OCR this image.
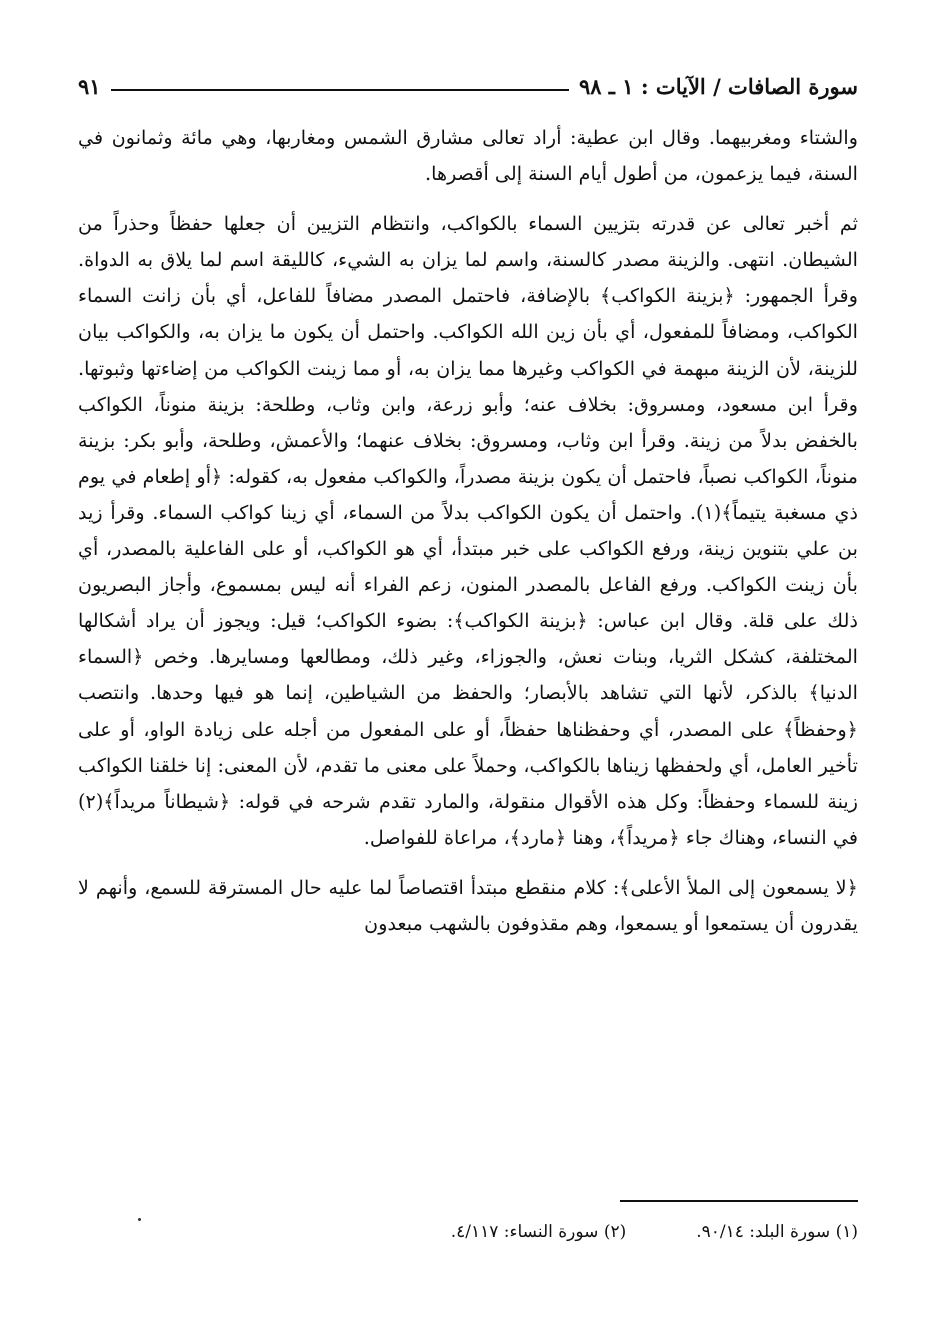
سورة الصافات / الآيات : ١ ـ ٩٨
٩١

والشتاء ومغربيهما. وقال ابن عطية: أراد تعالى مشارق الشمس ومغاربها، وهي مائة وثمانون في السنة، فيما يزعمون، من أطول أيام السنة إلى أقصرها.

ثم أخبر تعالى عن قدرته بتزيين السماء بالكواكب، وانتظام التزيين أن جعلها حفظاً وحذراً من الشيطان. انتهى. والزينة مصدر كالسنة، واسم لما يزان به الشيء، كالليقة اسم لما يلاق به الدواة. وقرأ الجمهور: ﴿بزينة الكواكب﴾ بالإضافة، فاحتمل المصدر مضافاً للفاعل، أي بأن زانت السماء الكواكب، ومضافاً للمفعول، أي بأن زين الله الكواكب. واحتمل أن يكون ما يزان به، والكواكب بيان للزينة، لأن الزينة مبهمة في الكواكب وغيرها مما يزان به، أو مما زينت الكواكب من إضاءتها وثبوتها. وقرأ ابن مسعود، ومسروق: بخلاف عنه؛ وأبو زرعة، وابن وثاب، وطلحة: بزينة منوناً، الكواكب بالخفض بدلاً من زينة. وقرأ ابن وثاب، ومسروق: بخلاف عنهما؛ والأعمش، وطلحة، وأبو بكر: بزينة منوناً، الكواكب نصباً، فاحتمل أن يكون بزينة مصدراً، والكواكب مفعول به، كقوله: ﴿أو إطعام في يوم ذي مسغبة يتيماً﴾(١). واحتمل أن يكون الكواكب بدلاً من السماء، أي زينا كواكب السماء. وقرأ زيد بن علي بتنوين زينة، ورفع الكواكب على خبر مبتدأ، أي هو الكواكب، أو على الفاعلية بالمصدر، أي بأن زينت الكواكب. ورفع الفاعل بالمصدر المنون، زعم الفراء أنه ليس بمسموع، وأجاز البصريون ذلك على قلة. وقال ابن عباس: ﴿بزينة الكواكب﴾: بضوء الكواكب؛ قيل: ويجوز أن يراد أشكالها المختلفة، كشكل الثريا، وبنات نعش، والجوزاء، وغير ذلك، ومطالعها ومسايرها. وخص ﴿السماء الدنيا﴾ بالذكر، لأنها التي تشاهد بالأبصار؛ والحفظ من الشياطين، إنما هو فيها وحدها. وانتصب ﴿وحفظاً﴾ على المصدر، أي وحفظناها حفظاً، أو على المفعول من أجله على زيادة الواو، أو على تأخير العامل، أي ولحفظها زيناها بالكواكب، وحملاً على معنى ما تقدم، لأن المعنى: إنا خلقنا الكواكب زينة للسماء وحفظاً: وكل هذه الأقوال منقولة، والمارد تقدم شرحه في قوله: ﴿شيطاناً مريداً﴾(٢) في النساء، وهناك جاء ﴿مريداً﴾، وهنا ﴿مارد﴾، مراعاة للفواصل.

﴿لا يسمعون إلى الملأ الأعلى﴾: كلام منقطع مبتدأ اقتصاصاً لما عليه حال المسترقة للسمع، وأنهم لا يقدرون أن يستمعوا أو يسمعوا، وهم مقذوفون بالشهب مبعدون

(١) سورة البلد: ٩٠/١٤.
(٢) سورة النساء: ٤/١١٧.
